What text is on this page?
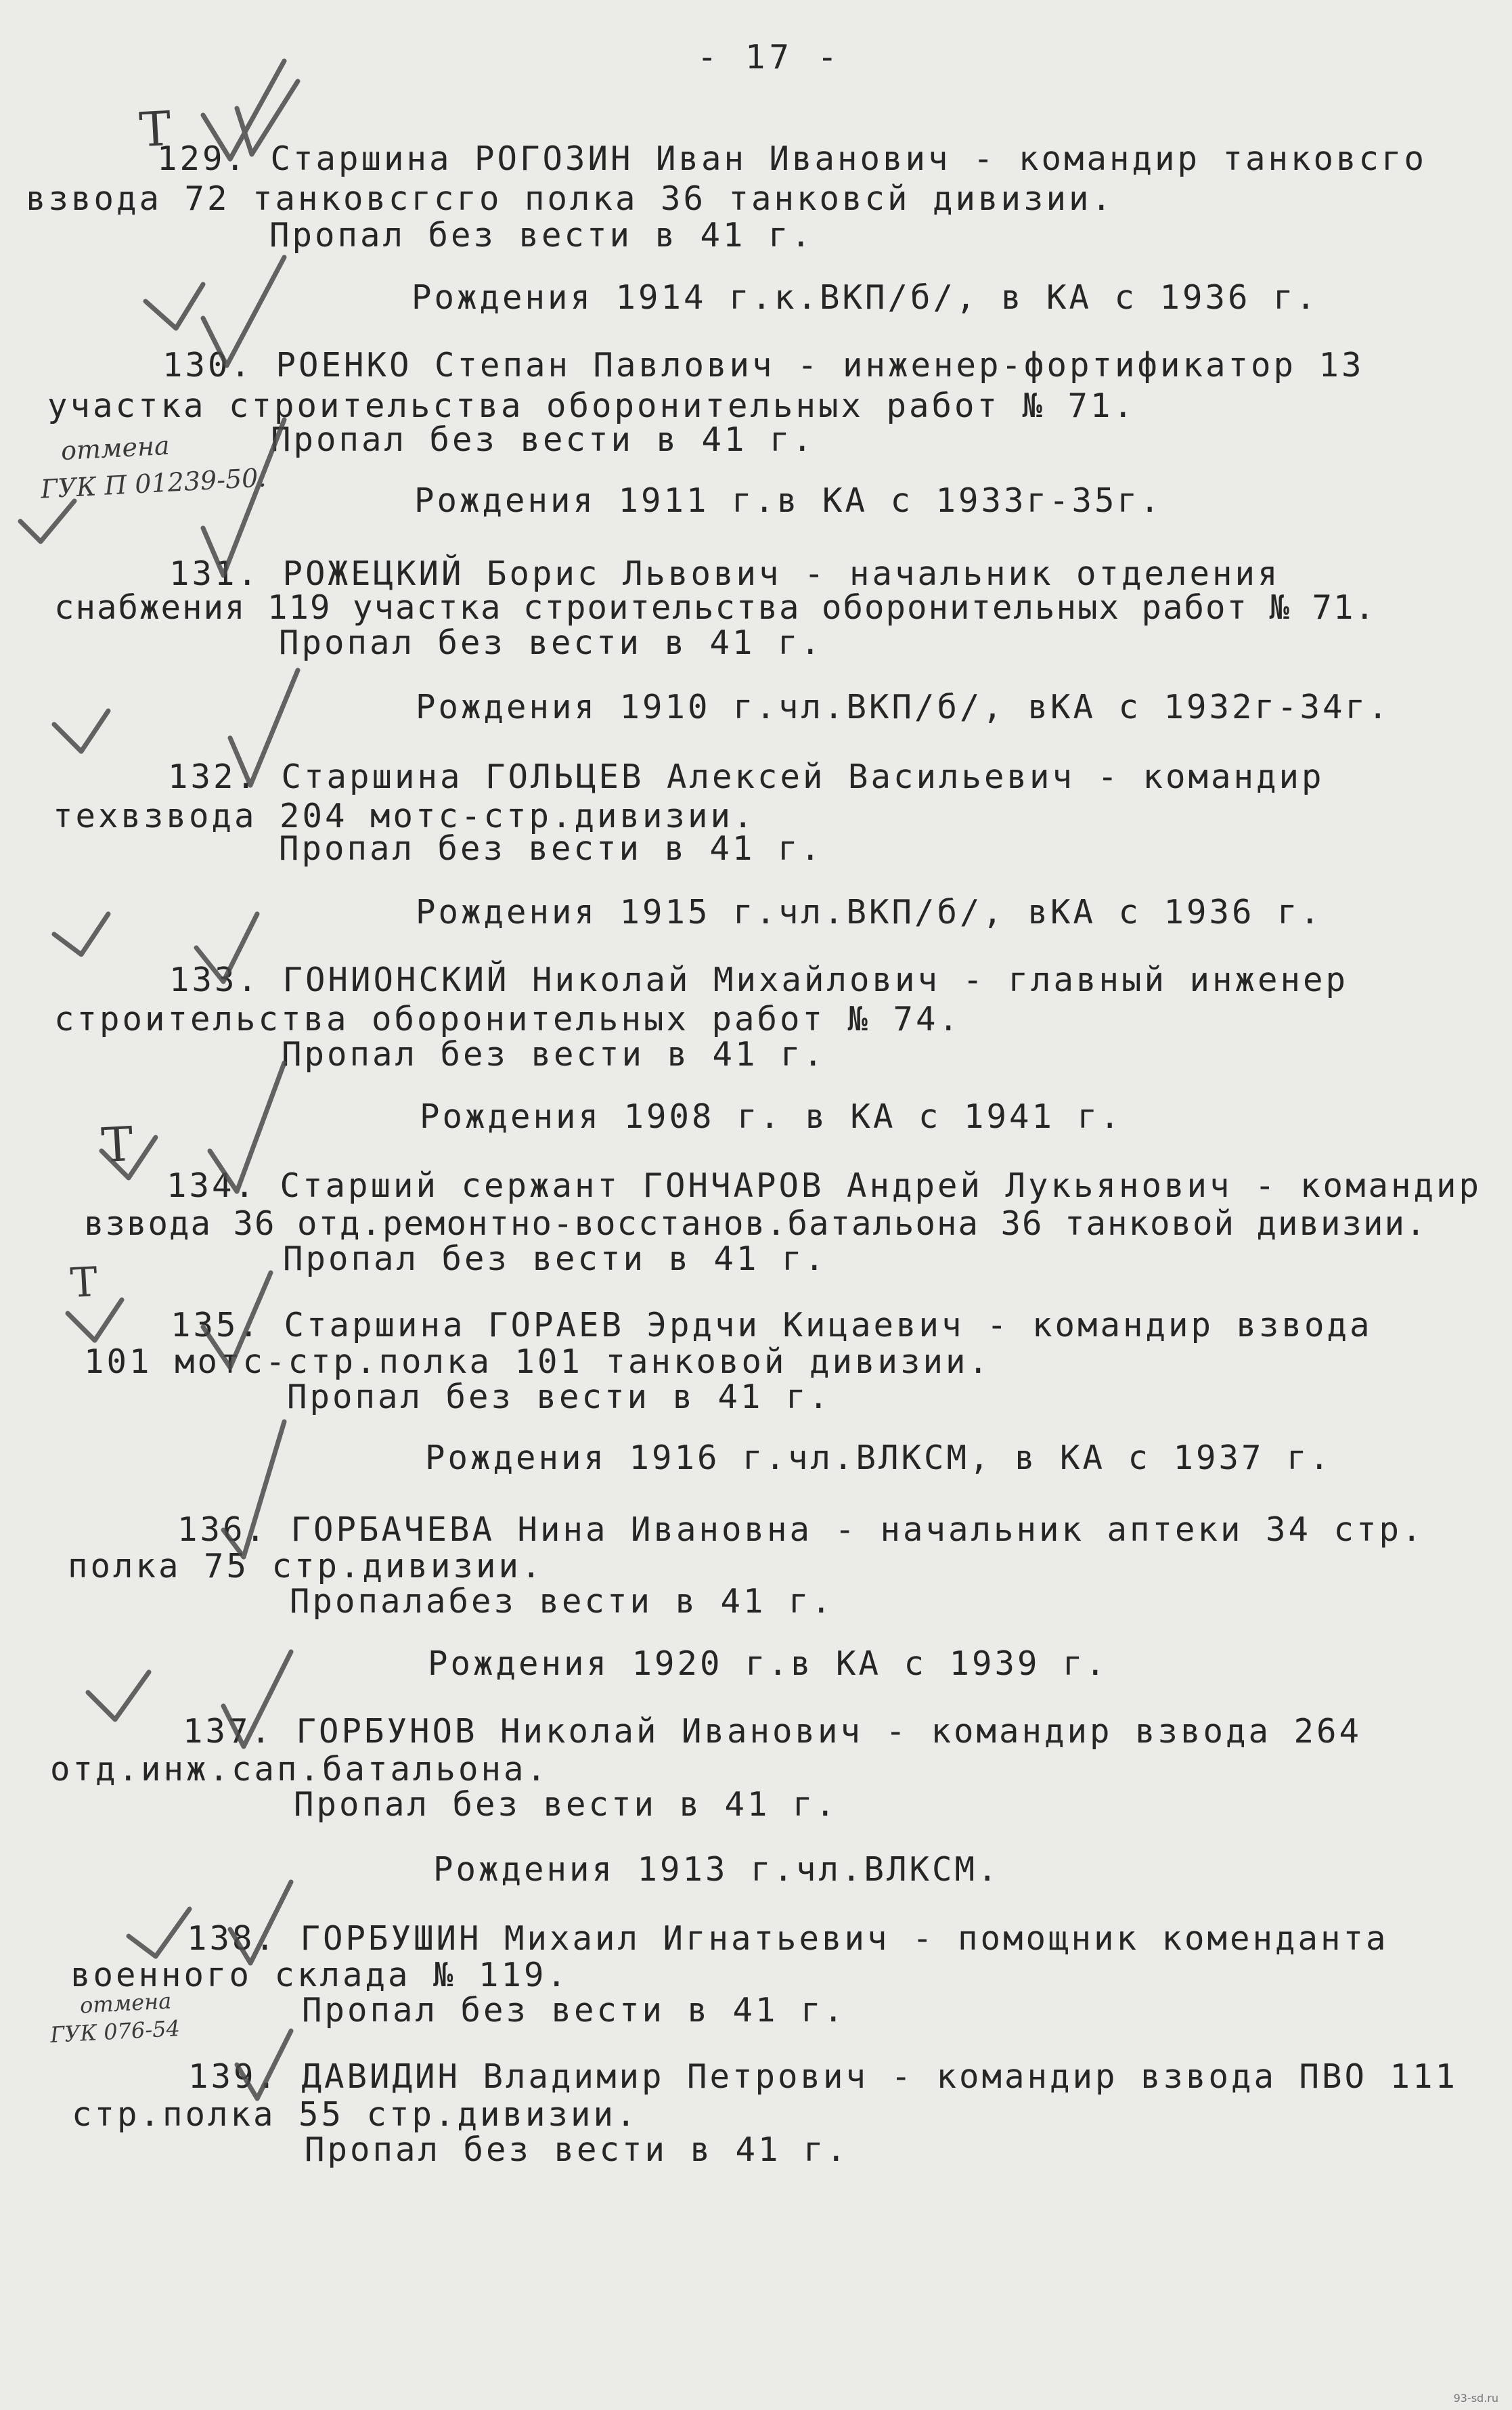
- 17 -
129. Старшина РОГОЗИН Иван Иванович - командир танковсго
взвода 72 танковсгсго полка 36 танковсй дивизии.
Пропал без вести в 41 г.
Рождения 1914 г.к.ВКП/б/, в КА с 1936 г.
130. РОЕНКО Степан Павлович - инженер-фортификатор 13
участка строительства оборонительных работ № 71.
Пропал без вести в 41 г.
Рождения 1911 г.в КА с 1933г-35г.
131. РОЖЕЦКИЙ Борис Львович - начальник отделения
снабжения 119 участка строительства оборонительных работ № 71.
Пропал без вести в 41 г.
Рождения 1910 г.чл.ВКП/б/, вКА с 1932г-34г.
132. Старшина ГОЛЬЦЕВ Алексей Васильевич - командир
техвзвода 204 мотс-стр.дивизии.
Пропал без вести в 41 г.
Рождения 1915 г.чл.ВКП/б/, вКА с 1936 г.
133. ГОНИОНСКИЙ Николай Михайлович - главный инженер
строительства оборонительных работ № 74.
Пропал без вести в 41 г.
Рождения 1908 г. в КА с 1941 г.
134. Старший сержант ГОНЧАРОВ Андрей Лукьянович - командир
взвода 36 отд.ремонтно-восстанов.батальона 36 танковой дивизии.
Пропал без вести в 41 г.
135. Старшина ГОРАЕВ Эрдчи Кицаевич - командир взвода
101 мотс-стр.полка 101 танковой дивизии.
Пропал без вести в 41 г.
Рождения 1916 г.чл.ВЛКСМ, в КА с 1937 г.
136. ГОРБАЧЕВА Нина Ивановна - начальник аптеки 34 стр.
полка 75 стр.дивизии.
Пропалабез вести в 41 г.
Рождения 1920 г.в КА с 1939 г.
137. ГОРБУНОВ Николай Иванович - командир взвода 264
отд.инж.сап.батальона.
Пропал без вести в 41 г.
Рождения 1913 г.чл.ВЛКСМ.
138. ГОРБУШИН Михаил Игнатьевич - помощник коменданта
военного склада № 119.
Пропал без вести в 41 г.
139. ДАВИДИН Владимир Петрович - командир взвода ПВО 111
стр.полка 55 стр.дивизии.
Пропал без вести в 41 г.
отмена
ГУК П 01239-50.
отмена
ГУК 076-54
Т
Т
Т
93-sd.ru
